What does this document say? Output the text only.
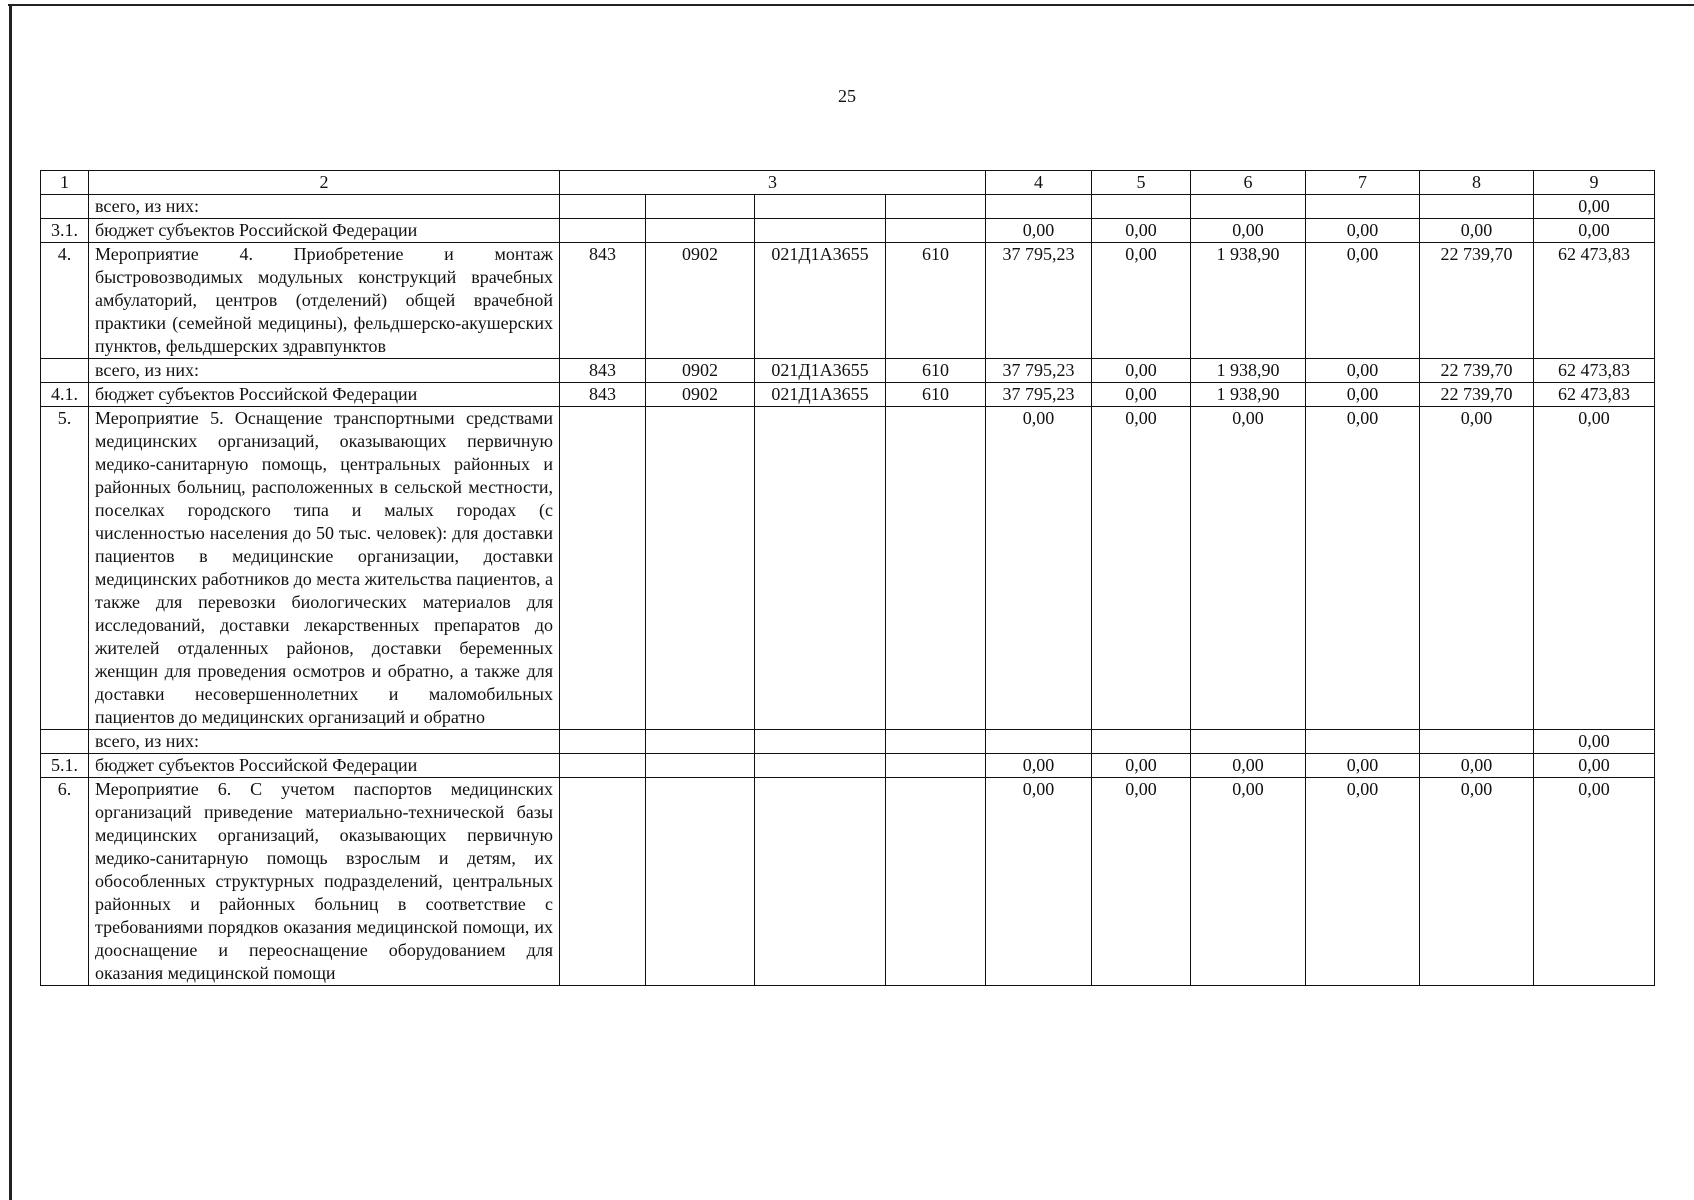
25
1	2	3				4	5	6	7	8	9
	всего, из них:										0,00
3.1.	бюджет субъектов Российской Федерации					0,00	0,00	0,00	0,00	0,00	0,00
4.	Мероприятие 4. Приобретение и монтаж быстровозводимых модульных конструкций врачебных амбулаторий, центров (отделений) общей врачебной практики (семейной медицины), фельдшерско-акушерских пунктов, фельдшерских здравпунктов	843	0902	021Д1А3655	610	37 795,23	0,00	1 938,90	0,00	22 739,70	62 473,83
	всего, из них:	843	0902	021Д1А3655	610	37 795,23	0,00	1 938,90	0,00	22 739,70	62 473,83
4.1.	бюджет субъектов Российской Федерации	843	0902	021Д1А3655	610	37 795,23	0,00	1 938,90	0,00	22 739,70	62 473,83
5.	Мероприятие 5. Оснащение транспортными средствами медицинских организаций, оказывающих первичную медико-санитарную помощь, центральных районных и районных больниц, расположенных в сельской местности, поселках городского типа и малых городах (с численностью населения до 50 тыс. человек): для доставки пациентов в медицинские организации, доставки медицинских работников до места жительства пациентов, а также для перевозки биологических материалов для исследований, доставки лекарственных препаратов до жителей отдаленных районов, доставки беременных женщин для проведения осмотров и обратно, а также для доставки несовершеннолетних и маломобильных пациентов до медицинских организаций и обратно					0,00	0,00	0,00	0,00	0,00	0,00
	всего, из них:										0,00
5.1.	бюджет субъектов Российской Федерации					0,00	0,00	0,00	0,00	0,00	0,00
6.	Мероприятие 6. С учетом паспортов медицинских организаций приведение материально-технической базы медицинских организаций, оказывающих первичную медико-санитарную помощь взрослым и детям, их обособленных структурных подразделений, центральных районных и районных больниц в соответствие с требованиями порядков оказания медицинской помощи, их дооснащение и переоснащение оборудованием для оказания медицинской помощи					0,00	0,00	0,00	0,00	0,00	0,00
